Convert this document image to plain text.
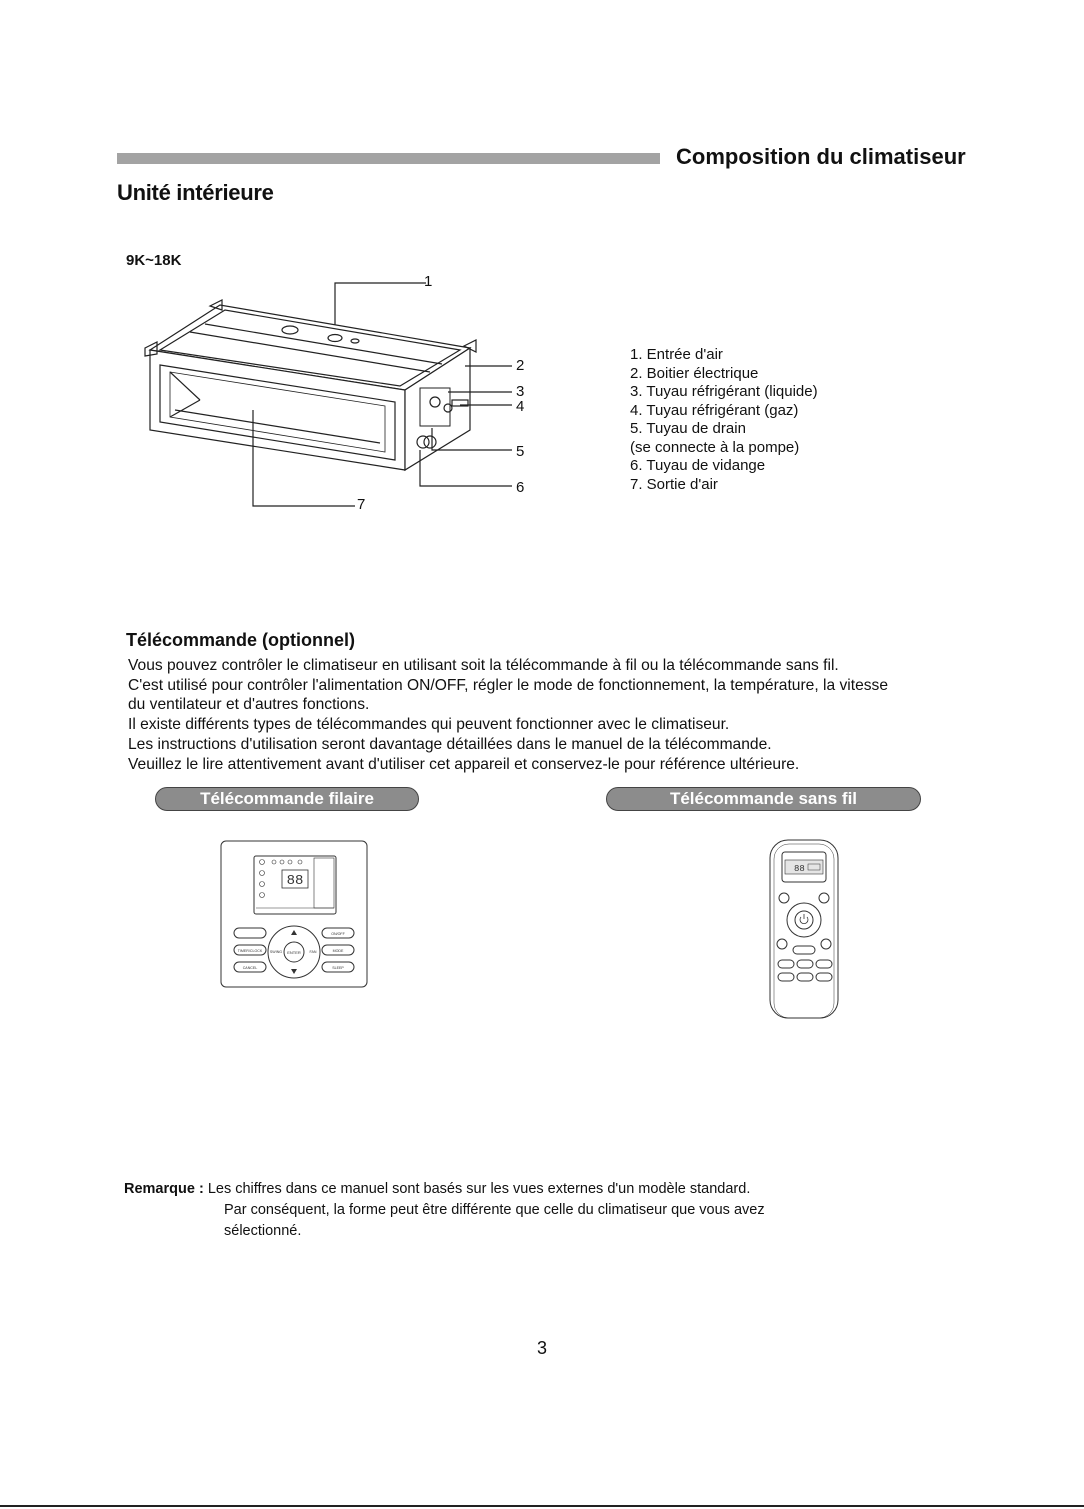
Composition du climatiseur
Unité intérieure
9K~18K
1
2
3
4
5
6
7
1. Entrée d'air
2. Boitier électrique
3. Tuyau réfrigérant (liquide)
4. Tuyau réfrigérant (gaz)
5. Tuyau de drain
(se connecte à la pompe)
6. Tuyau de vidange
7. Sortie d'air
Télécommande (optionnel)
Vous pouvez contrôler le climatiseur en utilisant soit la télécommande à fil ou la télécommande sans fil.
C'est utilisé pour contrôler l'alimentation ON/OFF, régler le mode de fonctionnement, la température, la vitesse
du ventilateur et d'autres fonctions.
Il existe différents types de télécommandes qui peuvent fonctionner avec le climatiseur.
Les instructions d'utilisation seront davantage détaillées dans le manuel de la télécommande.
Veuillez le lire attentivement avant d'utiliser cet appareil et conservez-le pour référence ultérieure.
Télécommande filaire	Télécommande sans fil
88
ENTER
TIMER/CLOCK
CANCEL
ON/OFF
MODE
SLEEP
SWING	FAN
88
Remarque : Les chiffres dans ce manuel sont basés sur les vues externes d'un modèle standard.
Par conséquent, la forme peut être différente que celle du climatiseur que vous avez
sélectionné.
3
